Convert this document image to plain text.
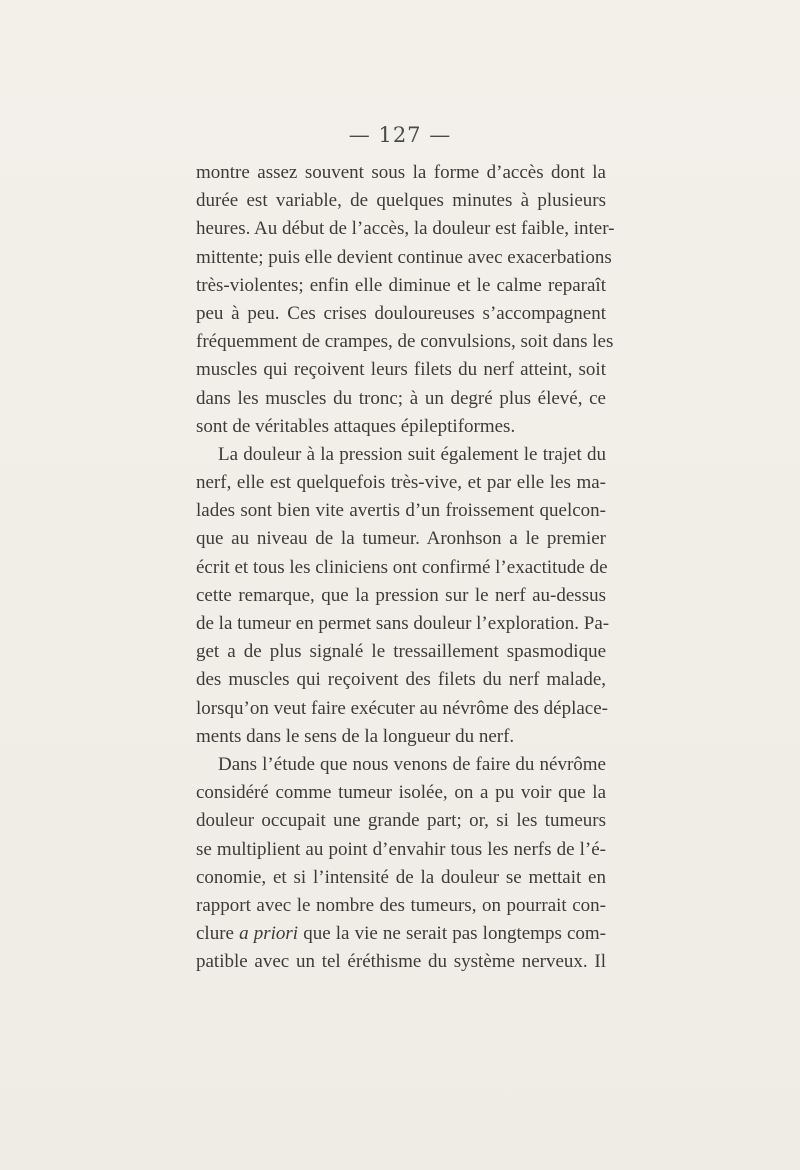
— 127 —
montre assez souvent sous la forme d’accès dont la
durée est variable, de quelques minutes à plusieurs
heures. Au début de l’accès, la douleur est faible, inter-
mittente; puis elle devient continue avec exacerbations
très-violentes; enfin elle diminue et le calme reparaît
peu à peu. Ces crises douloureuses s’accompagnent
fréquemment de crampes, de convulsions, soit dans les
muscles qui reçoivent leurs filets du nerf atteint, soit
dans les muscles du tronc; à un degré plus élevé, ce
sont de véritables attaques épileptiformes.
La douleur à la pression suit également le trajet du
nerf, elle est quelquefois très-vive, et par elle les ma-
lades sont bien vite avertis d’un froissement quelcon-
que au niveau de la tumeur. Aronhson a le premier
écrit et tous les cliniciens ont confirmé l’exactitude de
cette remarque, que la pression sur le nerf au-dessus
de la tumeur en permet sans douleur l’exploration. Pa-
get a de plus signalé le tressaillement spasmodique
des muscles qui reçoivent des filets du nerf malade,
lorsqu’on veut faire exécuter au névrôme des déplace-
ments dans le sens de la longueur du nerf.
Dans l’étude que nous venons de faire du névrôme
considéré comme tumeur isolée, on a pu voir que la
douleur occupait une grande part; or, si les tumeurs
se multiplient au point d’envahir tous les nerfs de l’é-
conomie, et si l’intensité de la douleur se mettait en
rapport avec le nombre des tumeurs, on pourrait con-
clure a priori que la vie ne serait pas longtemps com-
patible avec un tel éréthisme du système nerveux. Il
